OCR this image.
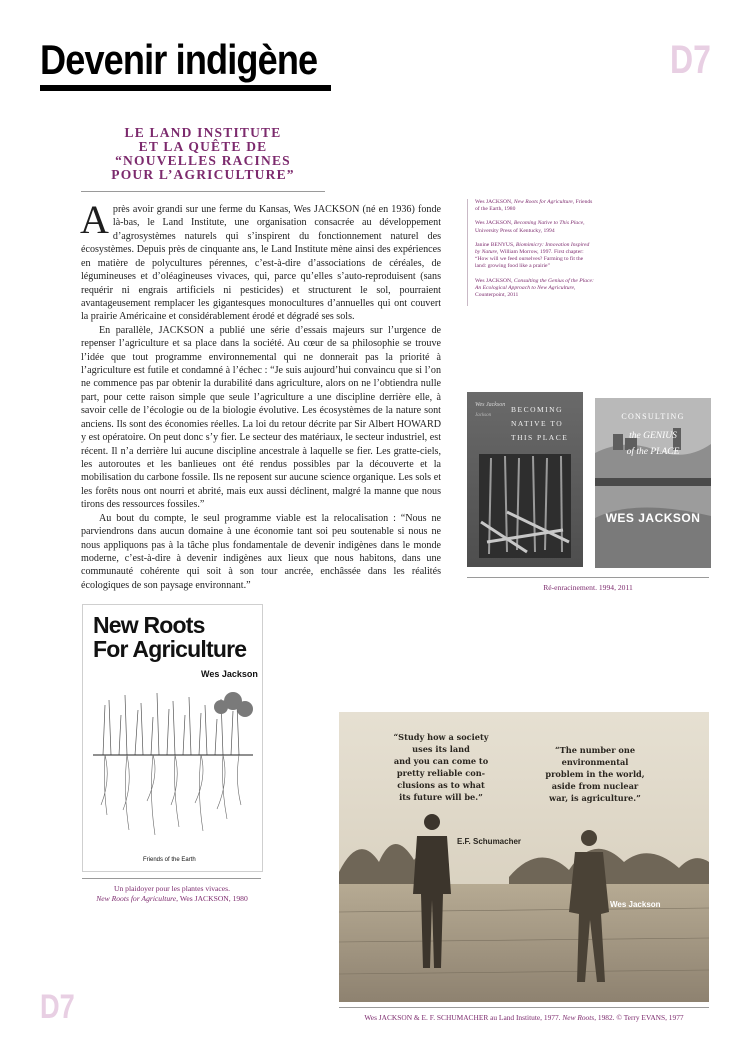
Devenir indigène	D7
LE LAND INSTITUTE
ET LA QUÊTE DE
“NOUVELLES RACINES
POUR L’AGRICULTURE”

A près avoir grandi sur une ferme du Kansas, Wes JACKSON (né en 1936) fonde là-bas, le Land Institute, une organisation consacrée au développement d’agrosystèmes naturels qui s’inspirent du fonctionnement naturel des écosystèmes. Depuis près de cinquante ans, le Land Institute mène ainsi des expériences en matière de polycultures pérennes, c’est-à-dire d’associations de céréales, de légumineuses et d’oléagineuses vivaces, qui, parce qu’elles s’auto-reproduisent (sans requérir ni engrais artificiels ni pesticides) et structurent le sol, pourraient avantageusement remplacer les gigantesques monocultures d’annuelles qui ont couvert la prairie Américaine et considérablement érodé et dégradé ses sols.

En parallèle, JACKSON a publié une série d’essais majeurs sur l’urgence de repenser l’agriculture et sa place dans la société. Au cœur de sa philosophie se trouve l’idée que tout programme environnemental qui ne donnerait pas la priorité à l’agriculture est futile et condamné à l’échec : “Je suis aujourd’hui convaincu que si l’on ne commence pas par obtenir la durabilité dans agriculture, alors on ne l’obtiendra nulle part, pour cette raison simple que seule l’agriculture a une discipline derrière elle, à savoir celle de l’écologie ou de la biologie évolutive. Les écosystèmes de la nature sont anciens. Ils sont des économies réelles. La loi du retour décrite par Sir Albert HOWARD y est opératoire. On peut donc s’y fier. Le secteur des matériaux, le secteur industriel, est récent. Il n’a derrière lui aucune discipline ancestrale à laquelle se fier. Les gratte-ciels, les autoroutes et les banlieues ont été rendus possibles par la découverte et la mobilisation du carbone fossile. Ils ne reposent sur aucune science organique. Les sols et les forêts nous ont nourri et abrité, mais eux aussi déclinent, malgré la manne que nous tirons des ressources fossiles.”

Au bout du compte, le seul programme viable est la relocalisation : “Nous ne parviendrons dans aucun domaine à une économie tant soi peu soutenable si nous ne nous appliquons pas à la tâche plus fondamentale de devenir indigènes dans le monde moderne, c’est-à-dire à devenir indigènes aux lieux que nous habitons, dans une communauté cohérente qui soit à son tour ancrée, enchâssée dans les réalités écologiques de son paysage environnant.”

Wes JACKSON, New Roots for Agriculture, Friends of the Earth, 1980

Wes JACKSON, Becoming Native to This Place, University Press of Kentucky, 1994

Janine BENYUS, Biomimicry: Innovation Inspired by Nature, William Morrow, 1997. First chapter: “How will we feed ourselves? Farming to fit the land: growing food like a prairie”

Wes JACKSON, Consulting the Genius of the Place: An Ecological Approach to New Agriculture, Counterpoint, 2011

Wes Jackson
Jackson
BECOMING
NATIVE TO
THIS PLACE
CONSULTING
the GENIUS
of the PLACE
WES JACKSON
Ré-enracinement. 1994, 2011
New Roots
For Agriculture
Wes Jackson
Friends of the Earth
Un plaidoyer pour les plantes vivaces.
New Roots for Agriculture, Wes JACKSON, 1980
“Study how a society
uses its land
and you can come to
pretty reliable con-
clusions as to what
its future will be.”
“The number one
environmental
problem in the world,
aside from nuclear
war, is agriculture.”
E.F. Schumacher
Wes Jackson
Wes JACKSON & E. F. SCHUMACHER au Land Institute, 1977. New Roots, 1982. © Terry EVANS, 1977
D7
